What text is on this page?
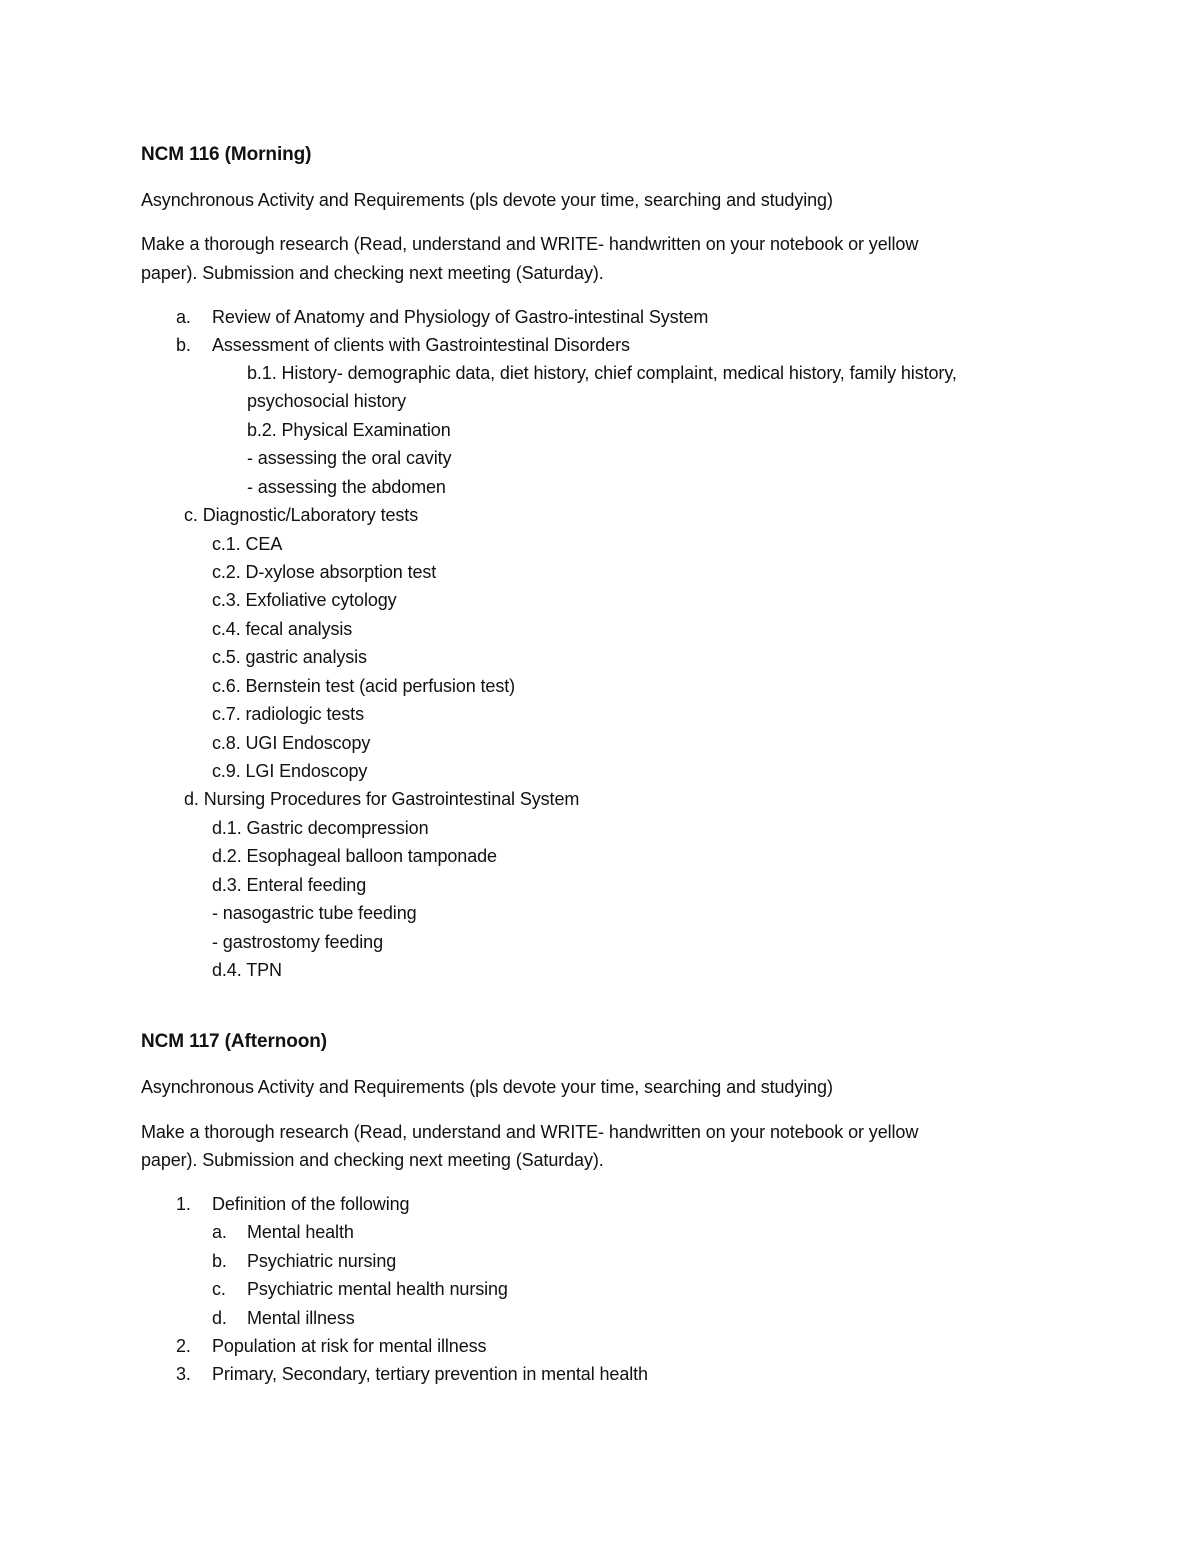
NCM 116 (Morning)
Asynchronous Activity and Requirements (pls devote your time, searching and studying)
Make a thorough research (Read, understand and WRITE- handwritten on your notebook or yellow
paper). Submission and checking next meeting (Saturday).
a. Review of Anatomy and Physiology of Gastro-intestinal System
b. Assessment of clients with Gastrointestinal Disorders
b.1. History- demographic data, diet history, chief complaint, medical history, family history,
psychosocial history
b.2. Physical Examination
- assessing the oral cavity
- assessing the abdomen
c. Diagnostic/Laboratory tests
c.1. CEA
c.2. D-xylose absorption test
c.3. Exfoliative cytology
c.4. fecal analysis
c.5. gastric analysis
c.6. Bernstein test (acid perfusion test)
c.7. radiologic tests
c.8. UGI Endoscopy
c.9. LGI Endoscopy
d. Nursing Procedures for Gastrointestinal System
d.1. Gastric decompression
d.2. Esophageal balloon tamponade
d.3. Enteral feeding
- nasogastric tube feeding
- gastrostomy feeding
d.4. TPN
NCM 117 (Afternoon)
Asynchronous Activity and Requirements (pls devote your time, searching and studying)
Make a thorough research (Read, understand and WRITE- handwritten on your notebook or yellow
paper). Submission and checking next meeting (Saturday).
1. Definition of the following
a. Mental health
b. Psychiatric nursing
c. Psychiatric mental health nursing
d. Mental illness
2. Population at risk for mental illness
3. Primary, Secondary, tertiary prevention in mental health
